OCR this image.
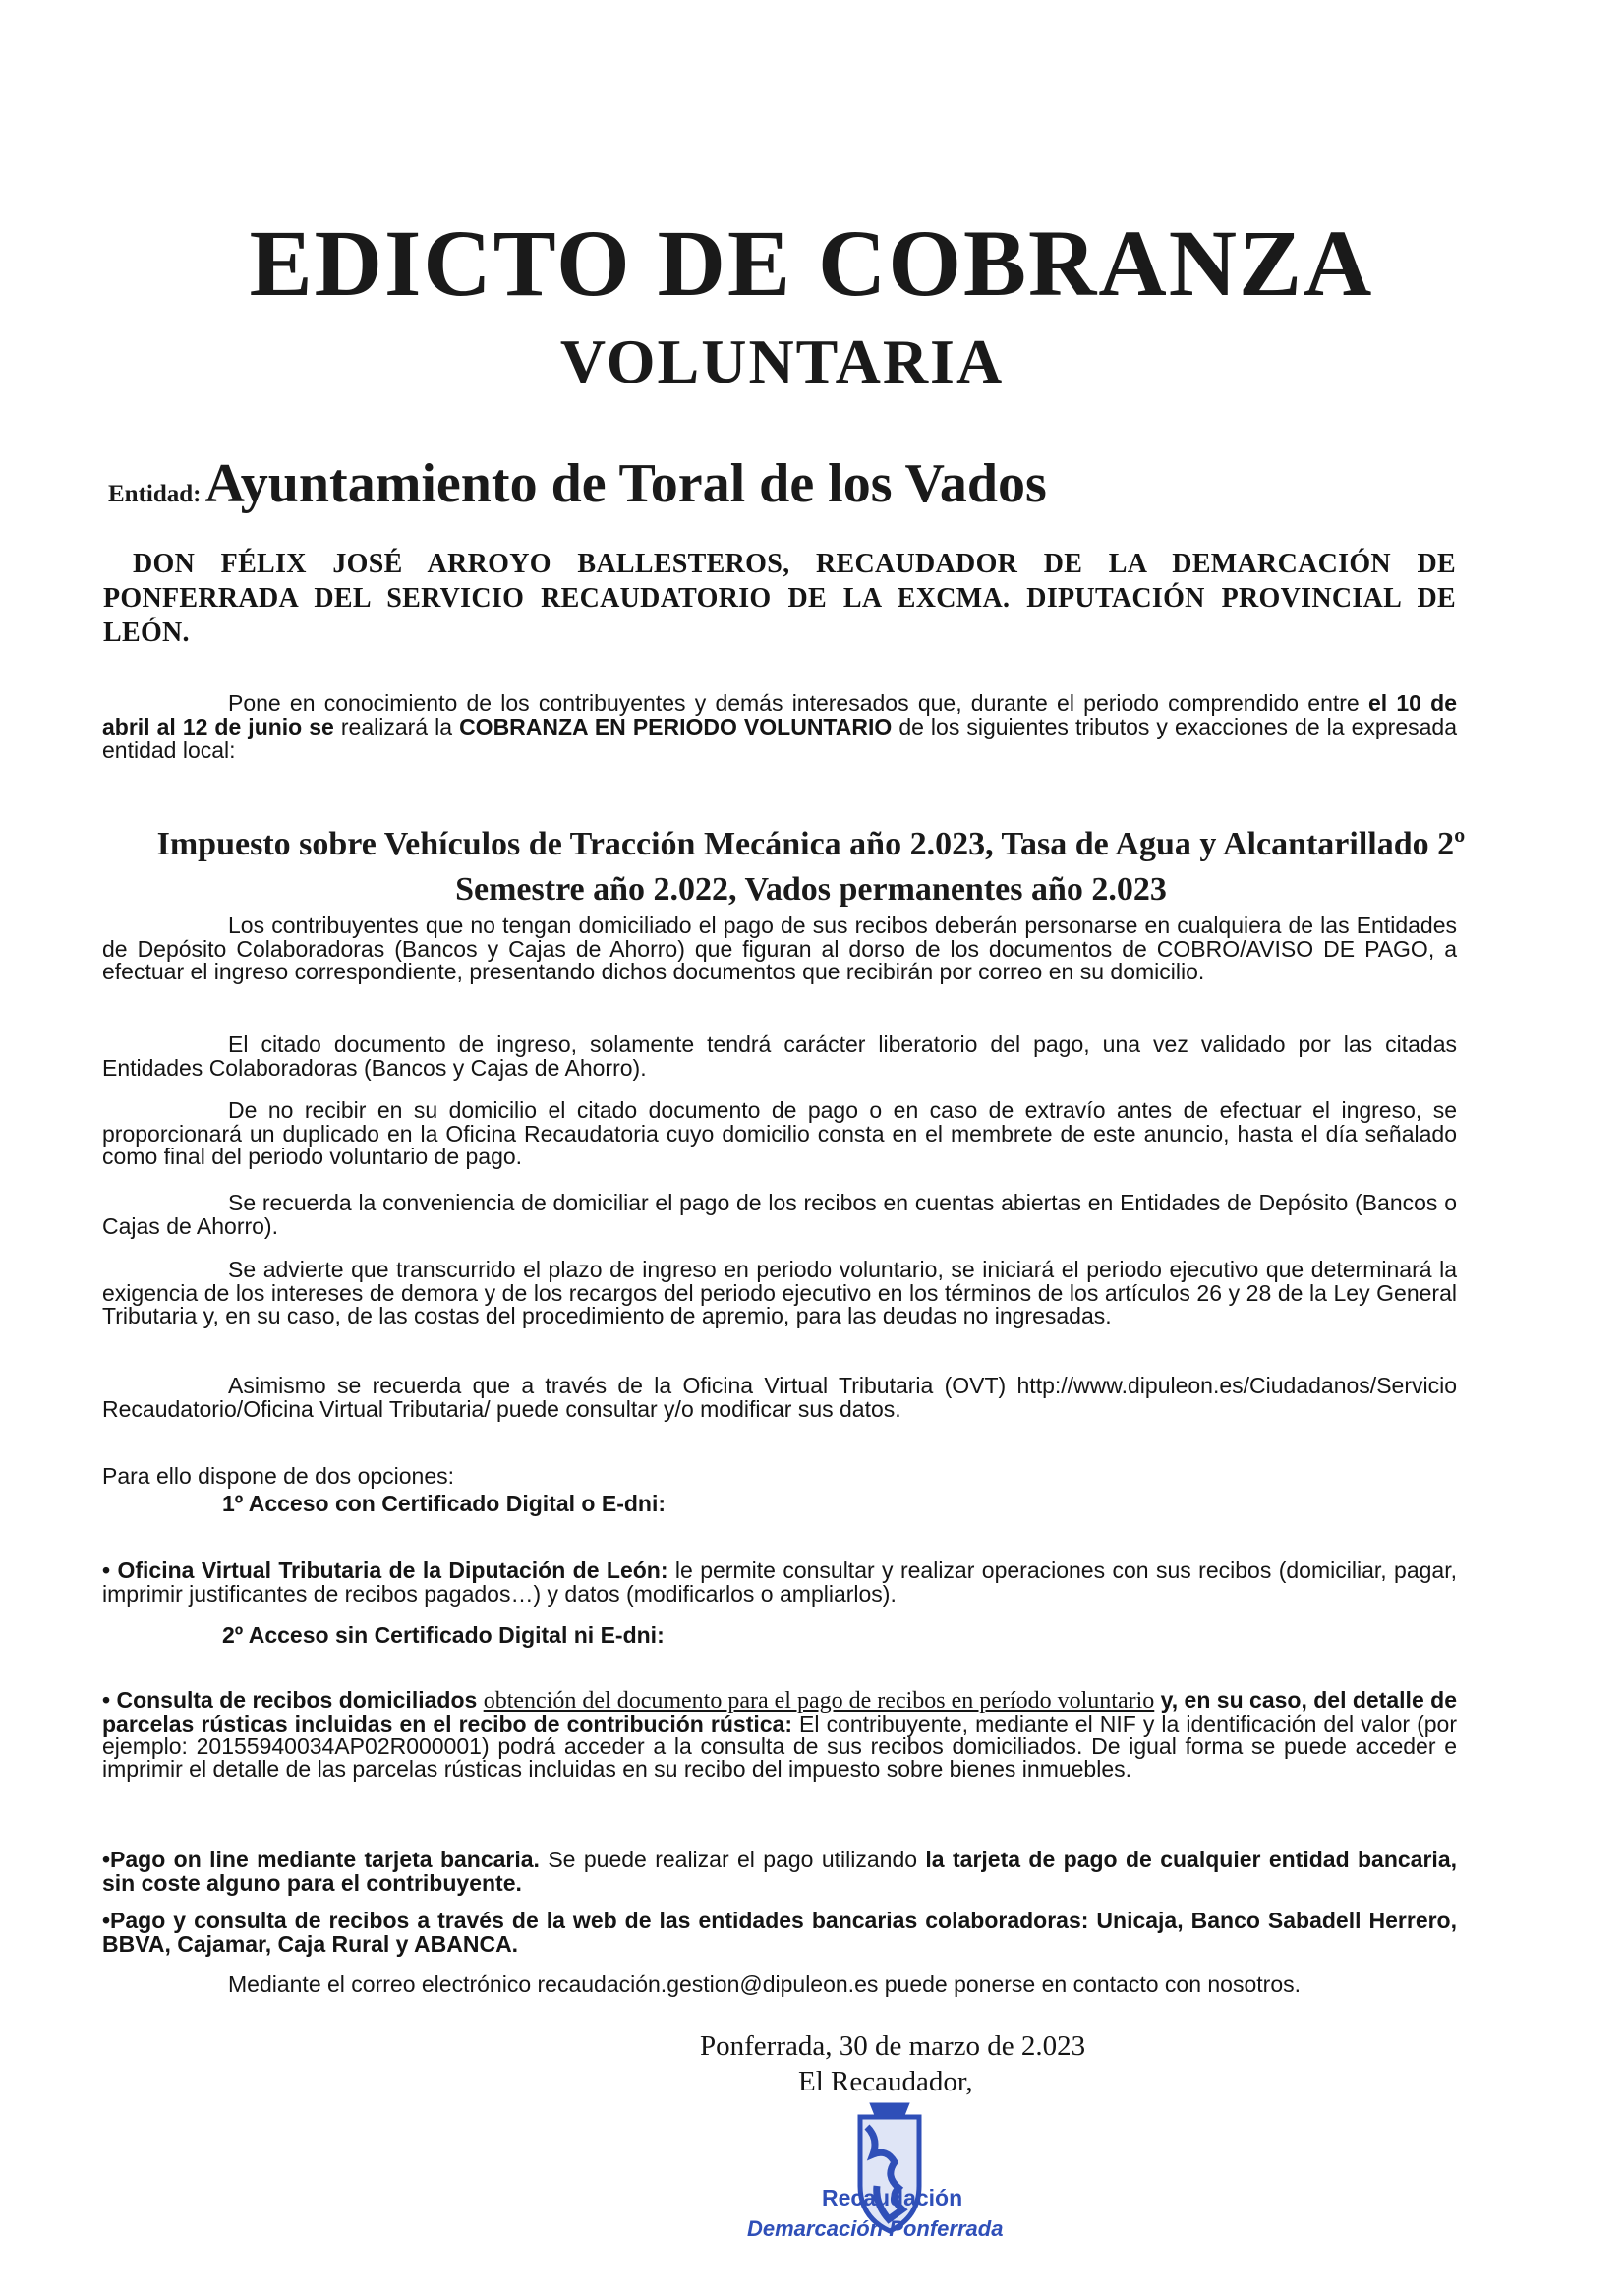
EDICTO DE COBRANZA
VOLUNTARIA
Entidad: Ayuntamiento de Toral de los Vados

DON FÉLIX JOSÉ ARROYO BALLESTEROS, RECAUDADOR DE LA DEMARCACIÓN DE PONFERRADA DEL SERVICIO RECAUDATORIO DE LA EXCMA. DIPUTACIÓN PROVINCIAL DE LEÓN.

Pone en conocimiento de los contribuyentes y demás interesados que, durante el periodo comprendido entre el 10 de abril al 12 de junio se realizará la COBRANZA EN PERIODO VOLUNTARIO de los siguientes tributos y exacciones de la expresada entidad local:

Impuesto sobre Vehículos de Tracción Mecánica año 2.023, Tasa de Agua y Alcantarillado 2º Semestre año 2.022, Vados permanentes año 2.023

Los contribuyentes que no tengan domiciliado el pago de sus recibos deberán personarse en cualquiera de las Entidades de Depósito Colaboradoras (Bancos y Cajas de Ahorro) que figuran al dorso de los documentos de COBRO/AVISO DE PAGO, a efectuar el ingreso correspondiente, presentando dichos documentos que recibirán por correo en su domicilio.

El citado documento de ingreso, solamente tendrá carácter liberatorio del pago, una vez validado por las citadas Entidades Colaboradoras (Bancos y Cajas de Ahorro).

De no recibir en su domicilio el citado documento de pago o en caso de extravío antes de efectuar el ingreso, se proporcionará un duplicado en la Oficina Recaudatoria cuyo domicilio consta en el membrete de este anuncio, hasta el día señalado como final del periodo voluntario de pago.

Se recuerda la conveniencia de domiciliar el pago de los recibos en cuentas abiertas en Entidades de Depósito (Bancos o Cajas de Ahorro).

Se advierte que transcurrido el plazo de ingreso en periodo voluntario, se iniciará el periodo ejecutivo que determinará la exigencia de los intereses de demora y de los recargos del periodo ejecutivo en los términos de los artículos 26 y 28 de la Ley General Tributaria y, en su caso, de las costas del procedimiento de apremio, para las deudas no ingresadas.

Asimismo se recuerda que a través de la Oficina Virtual Tributaria (OVT) http://www.dipuleon.es/Ciudadanos/Servicio Recaudatorio/Oficina Virtual Tributaria/ puede consultar y/o modificar sus datos.

Para ello dispone de dos opciones:

1º Acceso con Certificado Digital o E-dni:

• Oficina Virtual Tributaria de la Diputación de León: le permite consultar y realizar operaciones con sus recibos (domiciliar, pagar, imprimir justificantes de recibos pagados…) y datos (modificarlos o ampliarlos).

2º Acceso sin Certificado Digital ni E-dni:

• Consulta de recibos domiciliados obtención del documento para el pago de recibos en período voluntario y, en su caso, del detalle de parcelas rústicas incluidas en el recibo de contribución rústica: El contribuyente, mediante el NIF y la identificación del valor (por ejemplo: 20155940034AP02R000001) podrá acceder a la consulta de sus recibos domiciliados. De igual forma se puede acceder e imprimir el detalle de las parcelas rústicas incluidas en su recibo del impuesto sobre bienes inmuebles.

•Pago on line mediante tarjeta bancaria. Se puede realizar el pago utilizando la tarjeta de pago de cualquier entidad bancaria, sin coste alguno para el contribuyente.

•Pago y consulta de recibos a través de la web de las entidades bancarias colaboradoras: Unicaja, Banco Sabadell Herrero, BBVA, Cajamar, Caja Rural y ABANCA.

Mediante el correo electrónico recaudación.gestion@dipuleon.es puede ponerse en contacto con nosotros.

Ponferrada, 30 de marzo de 2.023
El Recaudador,
Recaudación
Demarcación Ponferrada
